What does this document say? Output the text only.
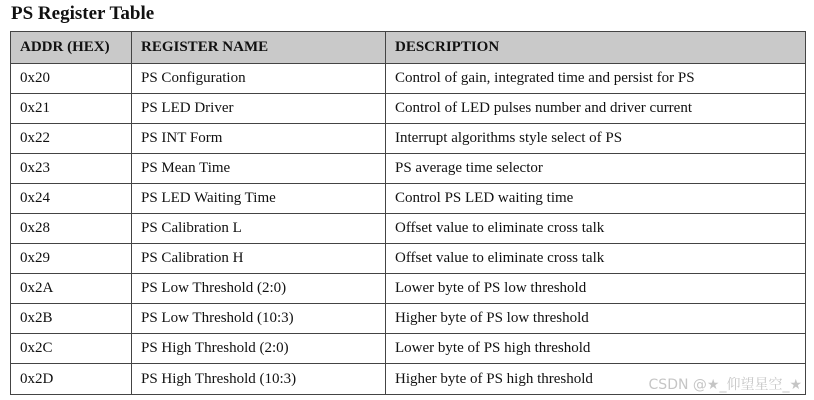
PS Register Table
ADDR (HEX)	REGISTER NAME	DESCRIPTION
0x20	PS Configuration	Control of gain, integrated time and persist for PS
0x21	PS LED Driver	Control of LED pulses number and driver current
0x22	PS INT Form	Interrupt algorithms style select of PS
0x23	PS Mean Time	PS average time selector
0x24	PS LED Waiting Time	Control PS LED waiting time
0x28	PS Calibration L	Offset value to eliminate cross talk
0x29	PS Calibration H	Offset value to eliminate cross talk
0x2A	PS Low Threshold (2:0)	Lower byte of PS low threshold
0x2B	PS Low Threshold (10:3)	Higher byte of PS low threshold
0x2C	PS High Threshold (2:0)	Lower byte of PS high threshold
0x2D	PS High Threshold (10:3)	Higher byte of PS high threshold	CSDN @★_仰望星空_★
